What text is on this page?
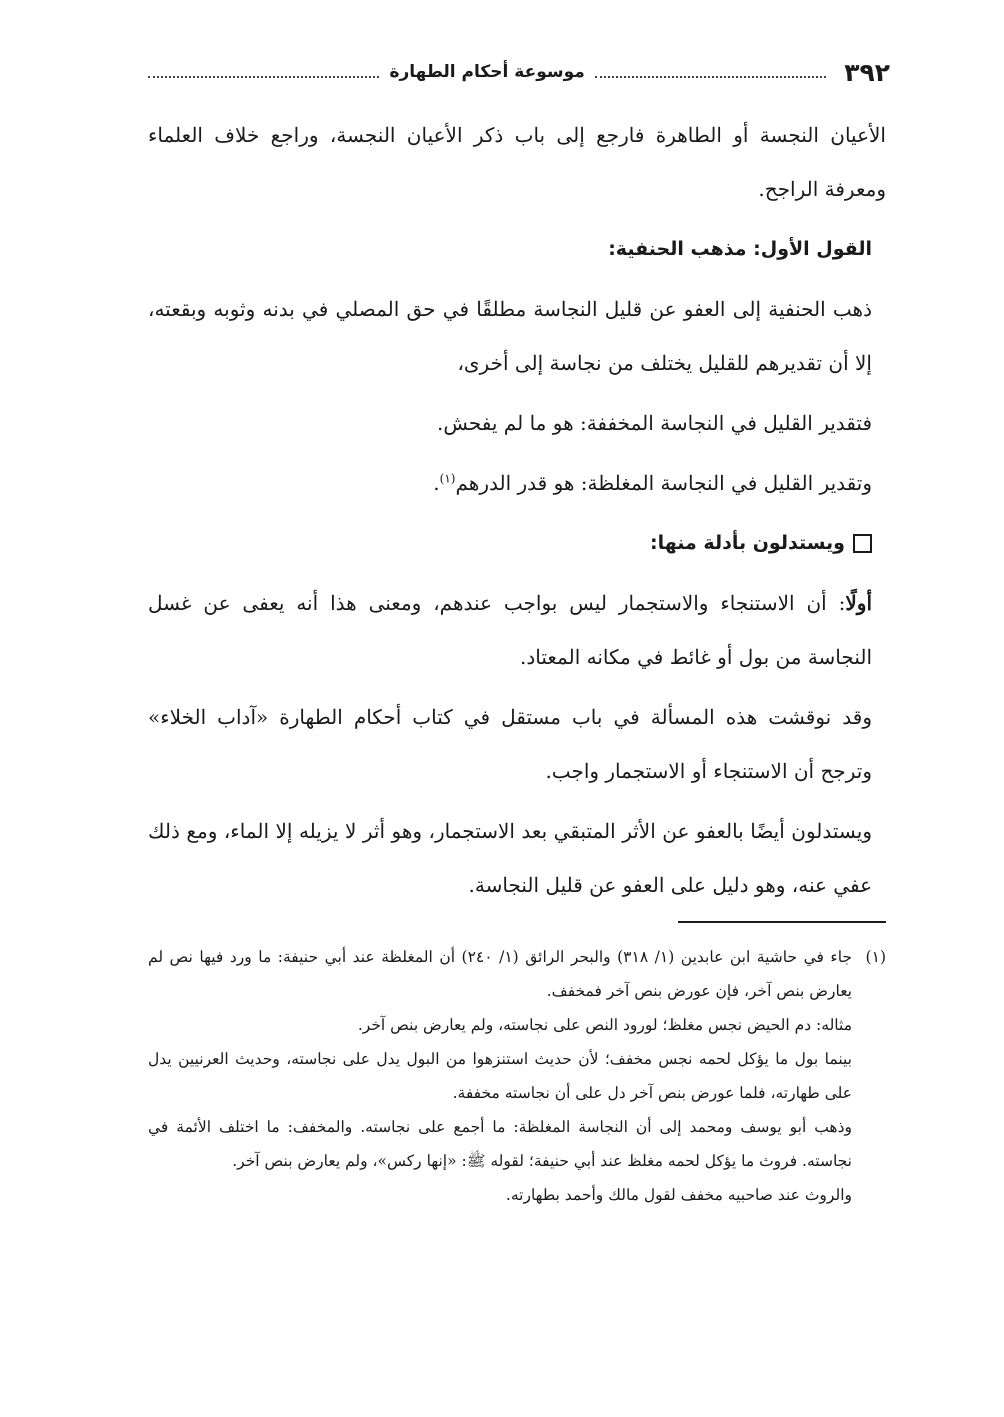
٣٩٢
موسوعة أحكام الطهارة

الأعيان النجسة أو الطاهرة فارجع إلى باب ذكر الأعيان النجسة، وراجع خلاف العلماء ومعرفة الراجح.

القول الأول: مذهب الحنفية:

ذهب الحنفية إلى العفو عن قليل النجاسة مطلقًا في حق المصلي في بدنه وثوبه وبقعته، إلا أن تقديرهم للقليل يختلف من نجاسة إلى أخرى،

فتقدير القليل في النجاسة المخففة: هو ما لم يفحش.

وتقدير القليل في النجاسة المغلظة: هو قدر الدرهم$^{(١)}$.

ويستدلون بأدلة منها:

أولًا: أن الاستنجاء والاستجمار ليس بواجب عندهم، ومعنى هذا أنه يعفى عن غسل النجاسة من بول أو غائط في مكانه المعتاد.

وقد نوقشت هذه المسألة في باب مستقل في كتاب أحكام الطهارة «آداب الخلاء» وترجح أن الاستنجاء أو الاستجمار واجب.

ويستدلون أيضًا بالعفو عن الأثر المتبقي بعد الاستجمار، وهو أثر لا يزيله إلا الماء، ومع ذلك عفي عنه، وهو دليل على العفو عن قليل النجاسة.

(١)
جاء في حاشية ابن عابدين (١/ ٣١٨) والبحر الرائق (١/ ٢٤٠) أن المغلظة عند أبي حنيفة: ما ورد فيها نص لم يعارض بنص آخر، فإن عورض بنص آخر فمخفف.

مثاله: دم الحيض نجس مغلظ؛ لورود النص على نجاسته، ولم يعارض بنص آخر.

بينما بول ما يؤكل لحمه نجس مخفف؛ لأن حديث استنزهوا من البول يدل على نجاسته، وحديث العرنيين يدل على طهارته، فلما عورض بنص آخر دل على أن نجاسته مخففة.

وذهب أبو يوسف ومحمد إلى أن النجاسة المغلظة: ما أجمع على نجاسته. والمخفف: ما اختلف الأئمة في نجاسته. فروث ما يؤكل لحمه مغلظ عند أبي حنيفة؛ لقوله ﷺ: «إنها ركس»، ولم يعارض بنص آخر.

والروث عند صاحبيه مخفف لقول مالك وأحمد بطهارته.
